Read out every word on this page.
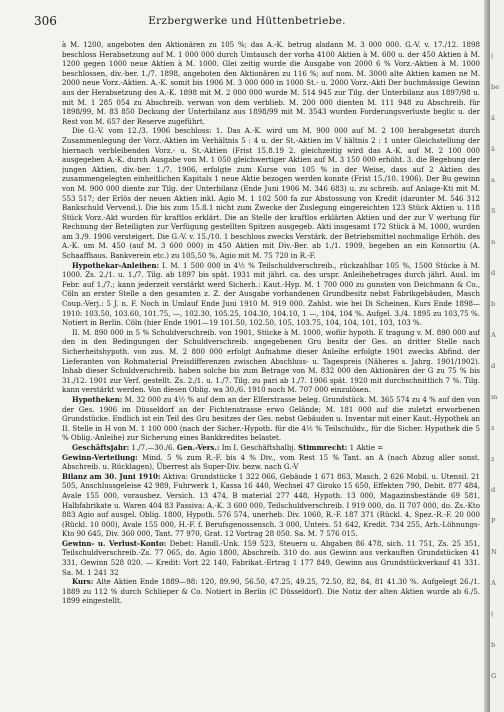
306	Erzbergwerke und Hüttenbetriebe.

à M. 1200, angeboten den Aktionären zu 105 %; das A.-K. betrug alsdann M. 3 000 000. G.-V. v. 17./12. 1898 beschloss Herabsetzung auf M. 1 000 000 durch Umtausch der vorha 4100 Aktien à M. 600 u. der 450 Aktien à M. 1200 gegen 1000 neue Aktien à M. 1000. Glei zeitig wurde die Ausgabe von 2000 6 % Vorz.-Aktien à M. 1000 beschlossen, div.-ber. 1./7. 1898, angeboten den Aktionären zu 116 %; auf nom. M. 3000 alte Aktien kamen ne M. 2000 neue Vorz.-Aktien. A.-K. somit bis 1906 M. 3 000 000 in 1000 St.- u. 2000 Vorz.-Akti Der buchmässige Gewinn aus der Herabsetzung des A.-K. 1898 mit M. 2 000 000 wurde M. 514 945 zur Tilg. der Unterbilanz aus 1897/98 u. mit M. 1 285 054 zu Abschreib. verwan von dem verblieb. M. 200 000 dienten M. 111 948 zu Abschreib. für 1898/99, M. 83 850 Deckung der Unterbilanz aus 1898/99 mit M. 3543 wurden Forderungsverluste beglic u. der Rest von M. 657 der Reserve zugeführt.

Die G.-V. vom 12./3. 1906 beschloss: 1. Das A.-K. wird um M. 900 000 auf M. 2 100 herabgesetzt durch Zusammenlegung der Vorz.-Aktien im Verhältnis 5 : 4 u. der St.-Aktien im V hältnis 2 : 1 unter Gleichstellung der hiernach verbleibenden Vorz.- u. St.-Aktien (Frist 15.8.19 2. gleichzeitig wird das A.-K. auf M. 2 100 000 ausgegeben A.-K. durch Ausgabe von M. 1 050 gleichwertiger Aktien auf M. 3 150 000 erhöht. 3. die Begebung der jungen Aktien, div.-ber. 1./7. 1906, erfolgte zum Kurse von 105 % in der Weise, dass auf 2 Aktien des zusammengelegten einheitlichen Kapitals 1 neue Aktie bezogen werden konnte (Frist 15./10. 1906). Der Bu gewinn von M. 900 000 diente zur Tilg. der Unterbilanz (Ende Juni 1906 M. 346 683) u. zu schreib. auf Anlage-Kti mit M. 553 517; der Erlös der neuen Aktien inkl. Agio M. 1 102 500 fa zur Abstossung von Kredit (darunter M. 546 312 Bankschuld Vervend.). Die bis zum 15.8.1 nicht zum Zwecke der Zuslegung eingereichten 123 Stück Aktien u. 118 Stück Vorz.-Akt wurden für kraftlos erklärt. Die an Stelle der kraftlos erklärten Aktien und der zur V wertung für Rechnung der Beteiligten zur Verfügung gestellten Spitzen ausgegeb. Akti insgesamt 172 Stück à M. 1000, wurden am 3./9. 1906 versteigert. Die G.-V. v. 15./10. 1 beschloss zwecks Verstärk. der Betriebsmittel nochmalige Erhöh. des A.-K. um M. 450 (auf M. 3 600 000) in 450 Aktien mit Div.-Ber. ab 1./1. 1909, begeben an ein Konsortiu (A. Schaaffhaus. Bankverein etc.) zu 105,50 %, Agio mit M. 75 720 in R.-F.

Hypothekar-Anleihen: I. M. 1 500 000 in 4½ % Teilschuldverschreib., rückzahlbar 105 %, 1500 Stücke à M. 1000. Zs. 2./1. u. 1./7. Tilg. ab 1897 bis spät. 1931 mit jährl. ca. des urspr. Anleihebetrages durch jährl. Ausl. im Febr. auf 1./7.; kann jederzeit verstärkt werd Sicherh.: Kaut.-Hyp. M. 1 700 000 zu gunsten von Deichmann & Co., Cöln an erster Stelle a den gesamten z. Z. der Ausgabe vorhandenen Grundbesitz nebst Fabrikgebäuden, Masch Coup.-Verj.: 5 J. n. F. Noch in Umlauf Ende Juni 1910 M. 919 000. Zahlst. wie bei Di Scheinen. Kurs Ende 1898—1910: 103.50, 103.60, 101.75, —, 102.30, 105.25, 104.30, 104.10, 1 —, 104, 104 %. Aufgel. 3./4. 1895 zu 103,75 %. Notiert in Berlin. Cöln (hier Ende 1901—19 101.50, 102.50, 105, 103.75, 104, 104, 101, 103, 103 %.

II. M. 890 000 in 5 % Schuldverschreib. von 1901, Stücke à M. 1000, wofür hypoth. E tragung v. M. 890 000 auf den in den Bedingungen der Schuldverschreib. angegebenen Gru besitz der Ges. an dritter Stelle nach Sicherheitshypoth. von zus. M. 2 800 000 erfolgt Aufnahme dieser Anleihe erfolgte 1901 zwecks Abfind. der Lieferanten von Rohmaterial Preisdifferenzen zwischen Abschluss- u. Tagespreis (Näheres s. Jahrg. 1901/1902). Inhab dieser Schuldverschreib. haben solche bis zum Betrage von M. 832 000 den Aktionären der G zu 75 % bis 31./12. 1901 zur Verf. gestellt. Zs. 2./1. u. 1./7. Tilg. zu pari ab 1./7. 1906 spät. 1920 mit durchschnittlich 7 %. Tilg. kann verstärkt werden. Von diesen Oblig. wa 30./6. 1910 noch M. 707 000 einzulösen.

Hypotheken: M. 32 000 zu 4½ % auf dem an der Elferstrasse beleg. Grundstück. M. 365 574 zu 4 % auf den von der Ges. 1906 im Düsseldorf an der Fichtenstrasse erwo Gelände; M. 181 000 auf die zuletzt erworbenen Grundstücke. Endlich ist ein Teil des Gru besitzes der Ges. nebst Gebäuden u. Inventar mit einer Kaut.-Hypothek an II. Stelle in H von M. 1 100 000 (nach der Sicher.-Hypoth. für die 4½ % Teilschuldv., für die Sicher. Hypothek die 5 % Oblig.-Anleihe) zur Sicherung eines Bankkredites belastet.

Geschäftsjahr: 1./7.—30./6. Gen.-Vers.: Im I. Geschäftshalbj. Stimmrecht: 1 Aktie =

Gewinn-Verteilung: Mind. 5 % zum R.-F. bis 4 % Div., vom Rest 15 % Tant. an A (nach Abzug aller sonst. Abschreib. u. Rücklagen), Überrest als Super-Div. bezw. nach G.-V

Bilanz am 30. Juni 1910: Aktiva: Grundstücke 1 322 066, Gebäude 1 671 863, Masch. 2 626 Mobil. u. Utensil. 21 505, Anschlussgeleise 42 989, Fuhrwerk 1, Kassa 16 440, Wechsel 47 Giroko 15 650, Effekten 790, Debit. 877 484, Avale 155 000, vorausbez. Versich. 13 474, B material 277 448, Hypoth. 13 000, Magazinsbestände 69 581, Halbfabrikate u. Waren 404 83 Passiva: A.-K. 3 600 000, Teilschuldverschreib. I 919 000, do. II 707 000, do. Zs.-Kto 883 Agio auf ausgel. Oblig. 1800, Hypoth. 576 574, unerheb. Div. 1060, R.-F. 187 371 (Rückl. 4, Spez.-R.-F. 20 000 (Rückl. 10 000), Avale 155 000, H.-F. f. Berufsgenossensch. 3 000, Unters. 51 642, Kredit. 734 255, Arb.-Löhnungs-Kto 90 645, Div. 360 000, Tant. 77 970, Grat. 12 Vortrag 28 050. Sa. M. 7 576 015.

Gewinn- u. Verlust-Konto: Debet: Handl.-Unk. 159 523, Steuern u. Abgaben 86 478, sich. 11 751, Zs. 25 351, Teilschuldverschreib.-Zs. 77 065, do. Agio 1800, Abschreib. 310 do. aus Gewinn aus verkauften Grundstücken 41 331, Gewinn 528 020. — Kredit: Vort 22 140, Fabrikat.-Ertrag 1 177 849, Gewinn aus Grundstückverkauf 41 331. Sa. M. 1 241 32

Kurs: Alte Aktien Ende 1889—98: 120, 89.90, 56.50, 47.25, 49.25, 72.50, 82, 84, 81 41.30 %. Aufgelegt 26./1. 1889 zu 112 % durch Schlieper & Co. Notiert in Berlin (C Düsseldorf). Die Notiz der alten Aktien wurde ab 6./5. 1899 eingestellt.

(
be
ä
ä
a
S
n
d
b
A
d
m
z
z
d
P
N
A
(
b
G
